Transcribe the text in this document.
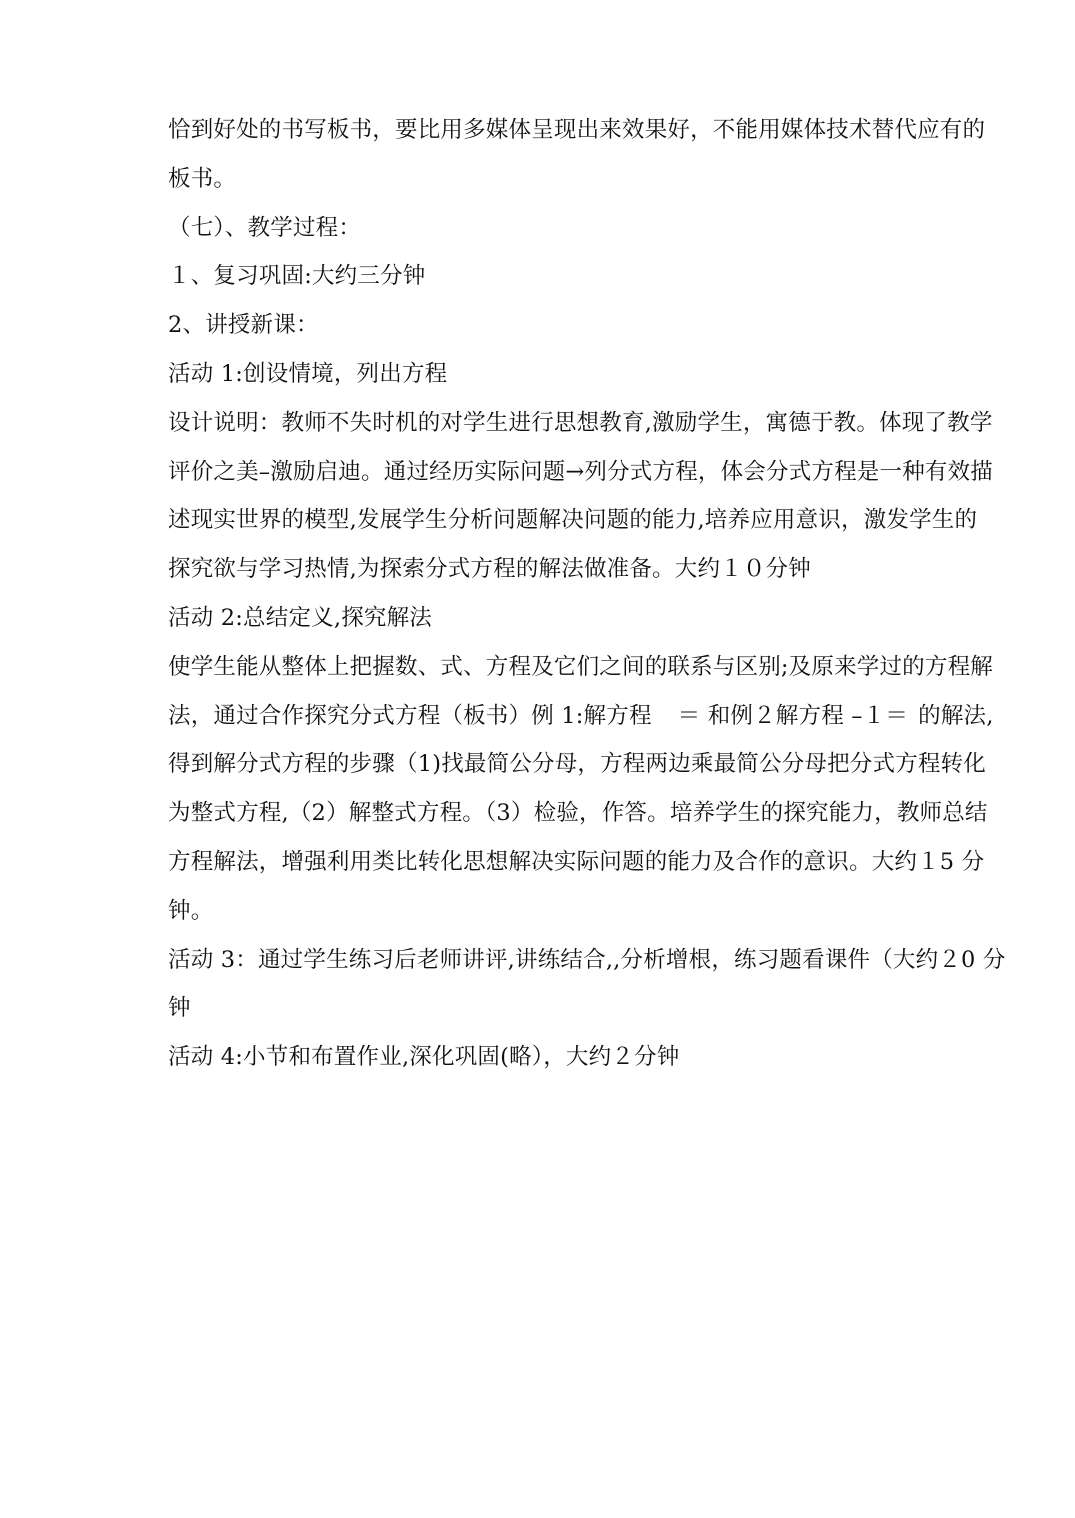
恰到好处的书写板书，要比用多媒体呈现出来效果好，不能用媒体技术替代应有的
板书。
（七）、教学过程：
１、复习巩固:大约三分钟
2、讲授新课：
活动 1:创设情境，列出方程
设计说明：教师不失时机的对学生进行思想教育,激励学生，寓德于教。体现了教学
评价之美–激励启迪。通过经历实际问题→列分式方程，体会分式方程是一种有效描
述现实世界的模型,发展学生分析问题解决问题的能力,培养应用意识，激发学生的
探究欲与学习热情,为探索分式方程的解法做准备。大约１０分钟
活动 2:总结定义,探究解法
使学生能从整体上把握数、式、方程及它们之间的联系与区别;及原来学过的方程解
法，通过合作探究分式方程（板书）例 1:解方程 ＝ 和例２解方程 –１＝ 的解法,
得到解分式方程的步骤（1)找最简公分母，方程两边乘最简公分母把分式方程转化
为整式方程,（2）解整式方程。（3）检验，作答。培养学生的探究能力，教师总结
方程解法，增强利用类比转化思想解决实际问题的能力及合作的意识。大约１5 分
钟。
活动 3：通过学生练习后老师讲评,讲练结合,,分析增根，练习题看课件（大约２0 分
钟
活动 4:小节和布置作业,深化巩固(略），大约２分钟
